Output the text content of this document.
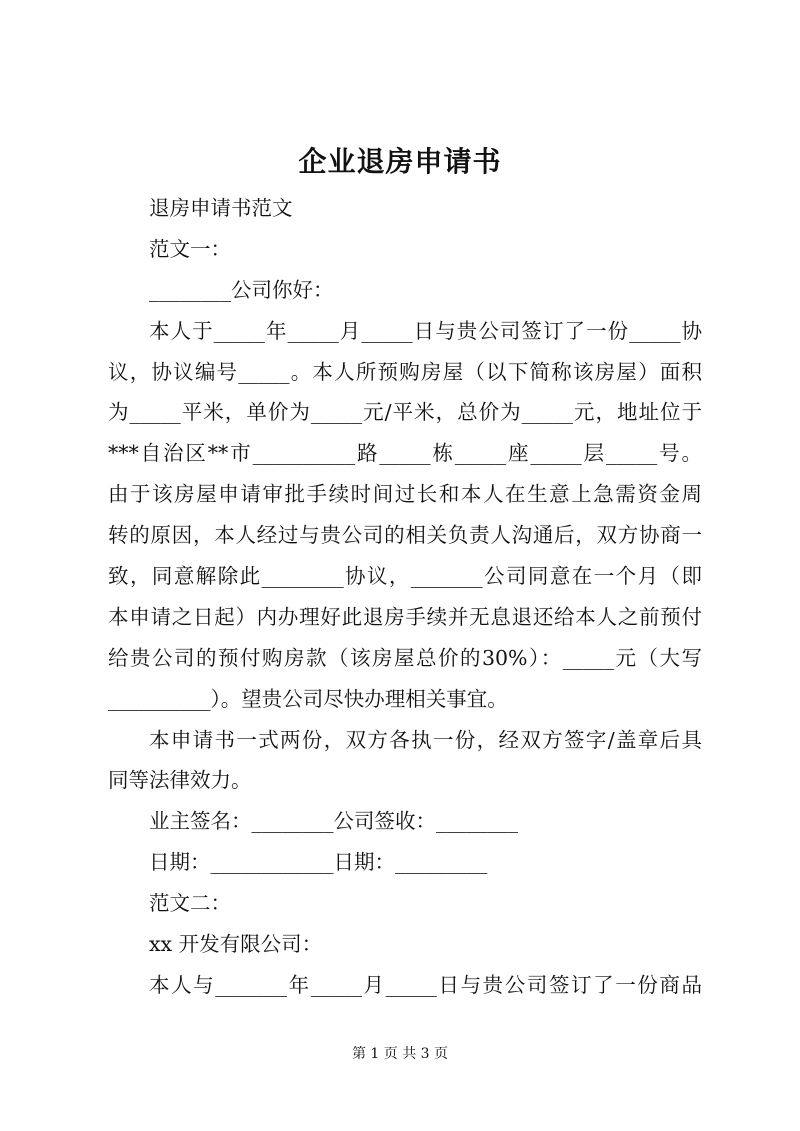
企业退房申请书
退房申请书范文
范文一：
________公司你好：
本人于_____年_____月_____日与贵公司签订了一份_____协
议，协议编号_____。本人所预购房屋（以下简称该房屋）面积
为_____平米，单价为_____元/平米，总价为_____元，地址位于
***自治区**市__________路_____栋_____座_____层_____号。
由于该房屋申请审批手续时间过长和本人在生意上急需资金周
转的原因，本人经过与贵公司的相关负责人沟通后，双方协商一
致，同意解除此________协议，_______公司同意在一个月（即
本申请之日起）内办理好此退房手续并无息退还给本人之前预付
给贵公司的预付购房款（该房屋总价的30%）：_____元（大写
__________）。望贵公司尽快办理相关事宜。
本申请书一式两份，双方各执一份，经双方签字/盖章后具
同等法律效力。
业主签名：________公司签收：________
日期：____________日期：_________
范文二：
xx 开发有限公司：
本人与_______年_____月_____日与贵公司签订了一份商品
第 1 页 共 3 页
